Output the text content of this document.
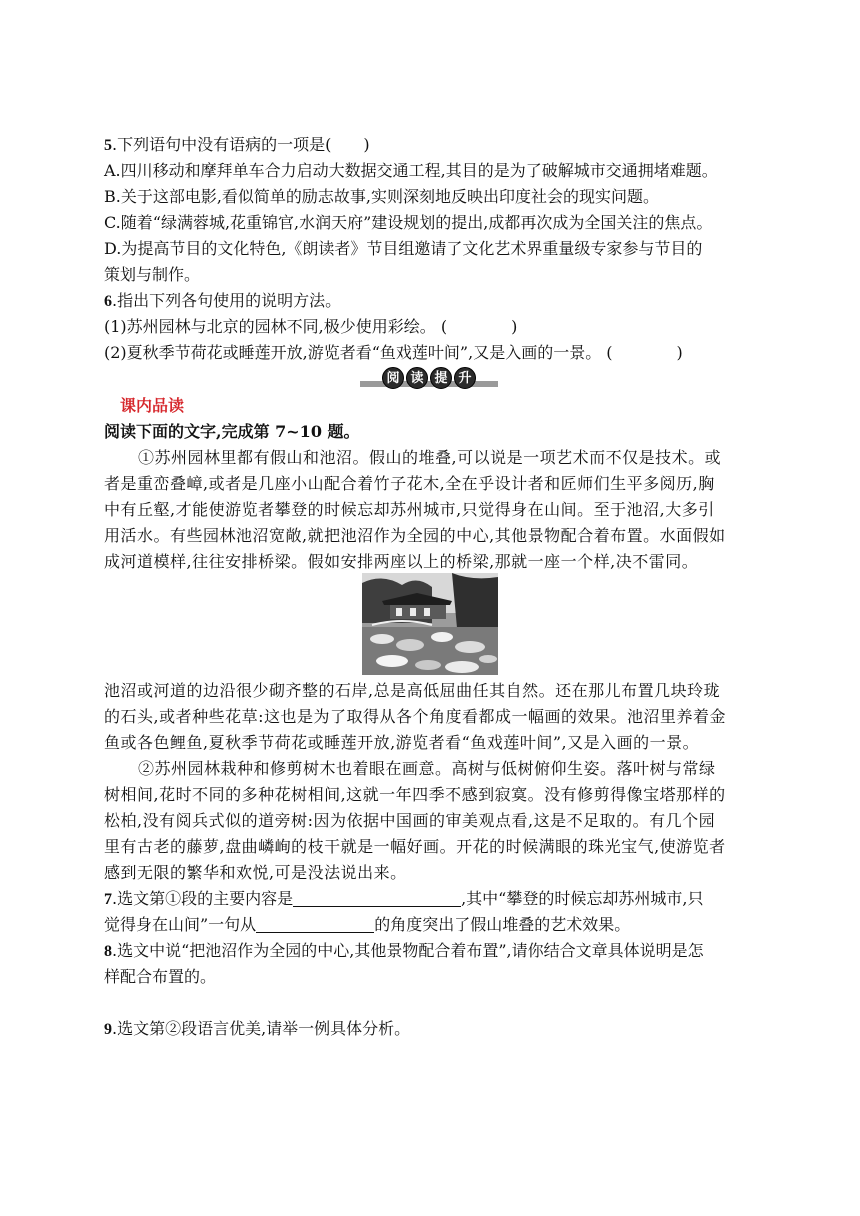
5.下列语句中没有语病的一项是(　　)
A.四川移动和摩拜单车合力启动大数据交通工程,其目的是为了破解城市交通拥堵难题。
B.关于这部电影,看似简单的励志故事,实则深刻地反映出印度社会的现实问题。
C.随着“绿满蓉城,花重锦官,水润天府”建设规划的提出,成都再次成为全国关注的焦点。
D.为提高节目的文化特色,《朗读者》节目组邀请了文化艺术界重量级专家参与节目的
策划与制作。
6.指出下列各句使用的说明方法。
(1)苏州园林与北京的园林不同,极少使用彩绘。 (　　　　)
(2)夏秋季节荷花或睡莲开放,游览者看“鱼戏莲叶间”,又是入画的一景。 (　　　　)
阅 读 提 升
课内品读
阅读下面的文字,完成第 7~10 题。
①苏州园林里都有假山和池沼。假山的堆叠,可以说是一项艺术而不仅是技术。或
者是重峦叠嶂,或者是几座小山配合着竹子花木,全在乎设计者和匠师们生平多阅历,胸
中有丘壑,才能使游览者攀登的时候忘却苏州城市,只觉得身在山间。至于池沼,大多引
用活水。有些园林池沼宽敞,就把池沼作为全园的中心,其他景物配合着布置。水面假如
成河道模样,往往安排桥梁。假如安排两座以上的桥梁,那就一座一个样,决不雷同。
池沼或河道的边沿很少砌齐整的石岸,总是高低屈曲任其自然。还在那儿布置几块玲珑
的石头,或者种些花草:这也是为了取得从各个角度看都成一幅画的效果。池沼里养着金
鱼或各色鲤鱼,夏秋季节荷花或睡莲开放,游览者看“鱼戏莲叶间”,又是入画的一景。
②苏州园林栽种和修剪树木也着眼在画意。高树与低树俯仰生姿。落叶树与常绿
树相间,花时不同的多种花树相间,这就一年四季不感到寂寞。没有修剪得像宝塔那样的
松柏,没有阅兵式似的道旁树:因为依据中国画的审美观点看,这是不足取的。有几个园
里有古老的藤萝,盘曲嶙峋的枝干就是一幅好画。开花的时候满眼的珠光宝气,使游览者
感到无限的繁华和欢悦,可是没法说出来。
7.选文第①段的主要内容是	,其中“攀登的时候忘却苏州城市,只
觉得身在山间”一句从	的角度突出了假山堆叠的艺术效果。
8.选文中说“把池沼作为全园的中心,其他景物配合着布置”,请你结合文章具体说明是怎
样配合布置的。
9.选文第②段语言优美,请举一例具体分析。
